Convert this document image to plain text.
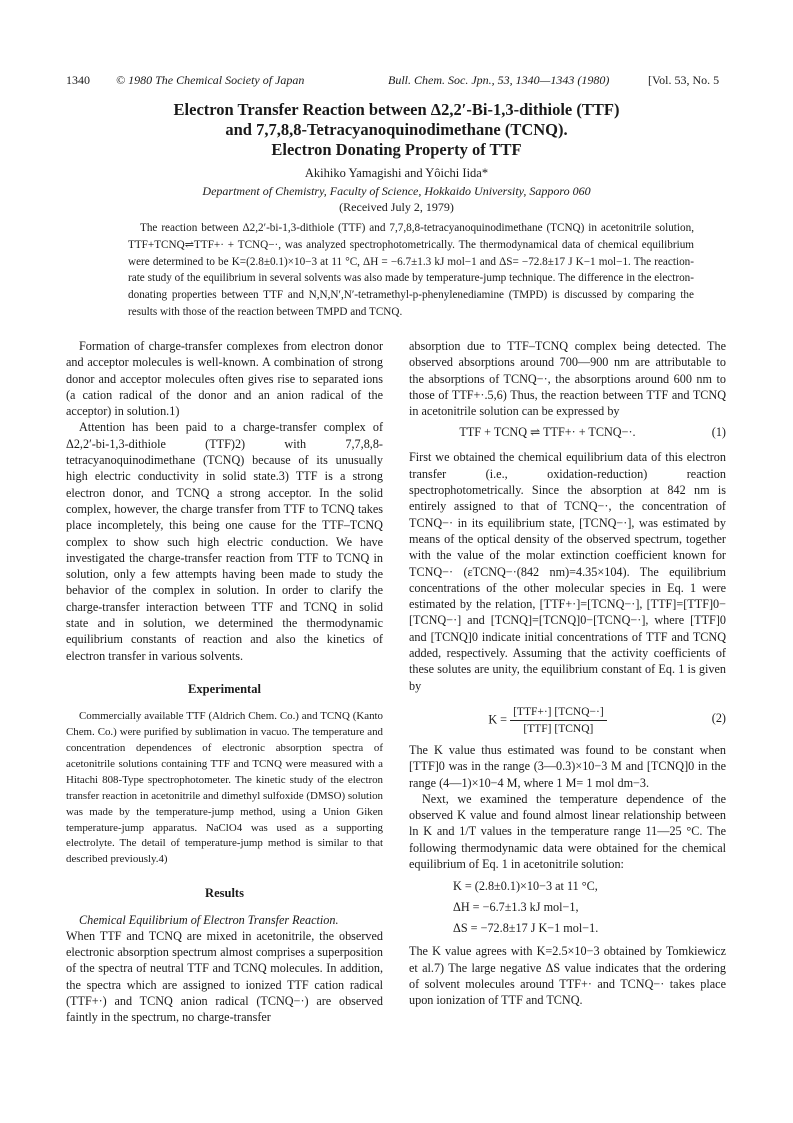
1340 © 1980 The Chemical Society of Japan	Bull. Chem. Soc. Jpn., 53, 1340—1343 (1980)	[Vol. 53, No. 5
Electron Transfer Reaction between Δ2,2′-Bi-1,3-dithiole (TTF)
and 7,7,8,8-Tetracyanoquinodimethane (TCNQ).
Electron Donating Property of TTF
Akihiko Yamagishi and Yôichi Iida*
Department of Chemistry, Faculty of Science, Hokkaido University, Sapporo 060
(Received July 2, 1979)
The reaction between Δ2,2′-bi-1,3-dithiole (TTF) and 7,7,8,8-tetracyanoquinodimethane (TCNQ) in acetonitrile solution, TTF+TCNQ⇌TTF+· + TCNQ−·, was analyzed spectrophotometrically. The thermodynamical data of chemical equilibrium were determined to be K=(2.8±0.1)×10−3 at 11 °C, ΔH = −6.7±1.3 kJ mol−1 and ΔS= −72.8±17 J K−1 mol−1. The reaction-rate study of the equilibrium in several solvents was also made by temperature-jump technique. The difference in the electron-donating properties between TTF and N,N,N′,N′-tetramethyl-p-phenylenediamine (TMPD) is discussed by comparing the results with those of the reaction between TMPD and TCNQ.

Formation of charge-transfer complexes from electron donor and acceptor molecules is well-known. A combination of strong donor and acceptor molecules often gives rise to separated ions (a cation radical of the donor and an anion radical of the acceptor) in solution.1)

Attention has been paid to a charge-transfer complex of Δ2,2′-bi-1,3-dithiole (TTF)2) with 7,7,8,8-tetracyanoquinodimethane (TCNQ) because of its unusually high electric conductivity in solid state.3) TTF is a strong electron donor, and TCNQ a strong acceptor. In the solid complex, however, the charge transfer from TTF to TCNQ takes place incompletely, this being one cause for the TTF–TCNQ complex to show such high electric conduction. We have investigated the charge-transfer reaction from TTF to TCNQ in solution, only a few attempts having been made to study the behavior of the complex in solution. In order to clarify the charge-transfer interaction between TTF and TCNQ in solid state and in solution, we determined the thermodynamic equilibrium constants of reaction and also the kinetics of electron transfer in various solvents.

Experimental

Commercially available TTF (Aldrich Chem. Co.) and TCNQ (Kanto Chem. Co.) were purified by sublimation in vacuo. The temperature and concentration dependences of electronic absorption spectra of acetonitrile solutions containing TTF and TCNQ were measured with a Hitachi 808-Type spectrophotometer. The kinetic study of the electron transfer reaction in acetonitrile and dimethyl sulfoxide (DMSO) solution was made by the temperature-jump method, using a Union Giken temperature-jump apparatus. NaClO4 was used as a supporting electrolyte. The detail of temperature-jump method is similar to that described previously.4)

Results

Chemical Equilibrium of Electron Transfer Reaction.

When TTF and TCNQ are mixed in acetonitrile, the observed electronic absorption spectrum almost comprises a superposition of the spectra of neutral TTF and TCNQ molecules. In addition, the spectra which are assigned to ionized TTF cation radical (TTF+·) and TCNQ anion radical (TCNQ−·) are observed faintly in the spectrum, no charge-transfer

absorption due to TTF–TCNQ complex being detected. The observed absorptions around 700—900 nm are attributable to the absorptions of TCNQ−·, the absorptions around 600 nm to those of TTF+·.5,6) Thus, the reaction between TTF and TCNQ in acetonitrile solution can be expressed by

TTF + TCNQ ⇌ TTF+· + TCNQ−·.	(1)

First we obtained the chemical equilibrium data of this electron transfer (i.e., oxidation-reduction) reaction spectrophotometrically. Since the absorption at 842 nm is entirely assigned to that of TCNQ−·, the concentration of TCNQ−· in its equilibrium state, [TCNQ−·], was estimated by means of the optical density of the observed spectrum, together with the value of the molar extinction coefficient known for TCNQ−· (εTCNQ−·(842 nm)=4.35×104). The equilibrium concentrations of the other molecular species in Eq. 1 were estimated by the relation, [TTF+·]=[TCNQ−·], [TTF]=[TTF]0−[TCNQ−·] and [TCNQ]=[TCNQ]0−[TCNQ−·], where [TTF]0 and [TCNQ]0 indicate initial concentrations of TTF and TCNQ added, respectively. Assuming that the activity coefficients of these solutes are unity, the equilibrium constant of Eq. 1 is given by

$K = \frac{\text{[TTF+·] [TCNQ−·]}}{\text{[TTF] [TCNQ]}}$	(2)

The K value thus estimated was found to be constant when [TTF]0 was in the range (3—0.3)×10−3 M and [TCNQ]0 in the range (4—1)×10−4 M, where 1 M= 1 mol dm−3.

Next, we examined the temperature dependence of the observed K value and found almost linear relationship between ln K and 1/T values in the temperature range 11—25 °C. The following thermodynamic data were obtained for the chemical equilibrium of Eq. 1 in acetonitrile solution:

K = (2.8±0.1)×10−3 at 11 °C,
ΔH = −6.7±1.3 kJ mol−1,
ΔS = −72.8±17 J K−1 mol−1.

The K value agrees with K=2.5×10−3 obtained by Tomkiewicz et al.7) The large negative ΔS value indicates that the ordering of solvent molecules around TTF+· and TCNQ−· takes place upon ionization of TTF and TCNQ.
